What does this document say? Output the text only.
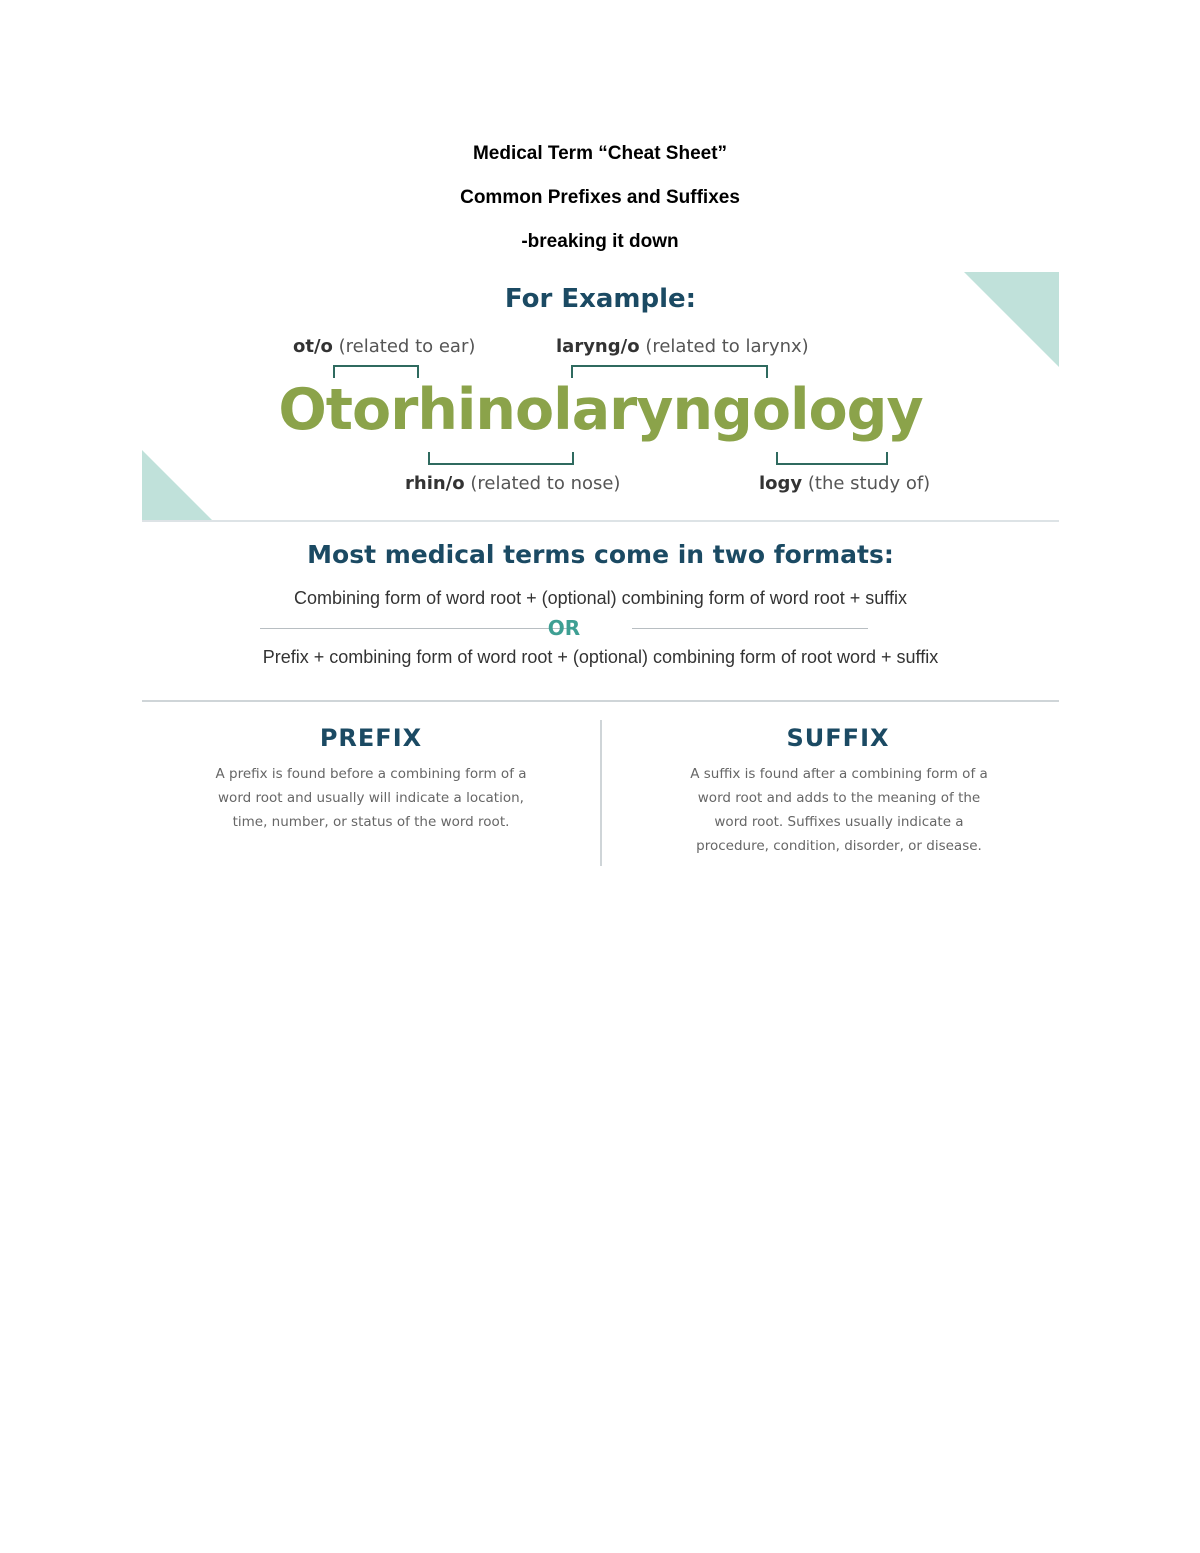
Medical Term “Cheat Sheet”
Common Prefixes and Suffixes
-breaking it down
For Example:
ot/o (related to ear)	laryng/o (related to larynx)
Otorhinolaryngology
rhin/o (related to nose)	logy (the study of)
Most medical terms come in two formats:
Combining form of word root + (optional) combining form of word root + suffix
OR
Prefix + combining form of word root + (optional) combining form of root word + suffix
PREFIX
A prefix is found before a combining form of a
word root and usually will indicate a location,
time, number, or status of the word root.
SUFFIX
A suffix is found after a combining form of a
word root and adds to the meaning of the
word root. Suffixes usually indicate a
procedure, condition, disorder, or disease.
